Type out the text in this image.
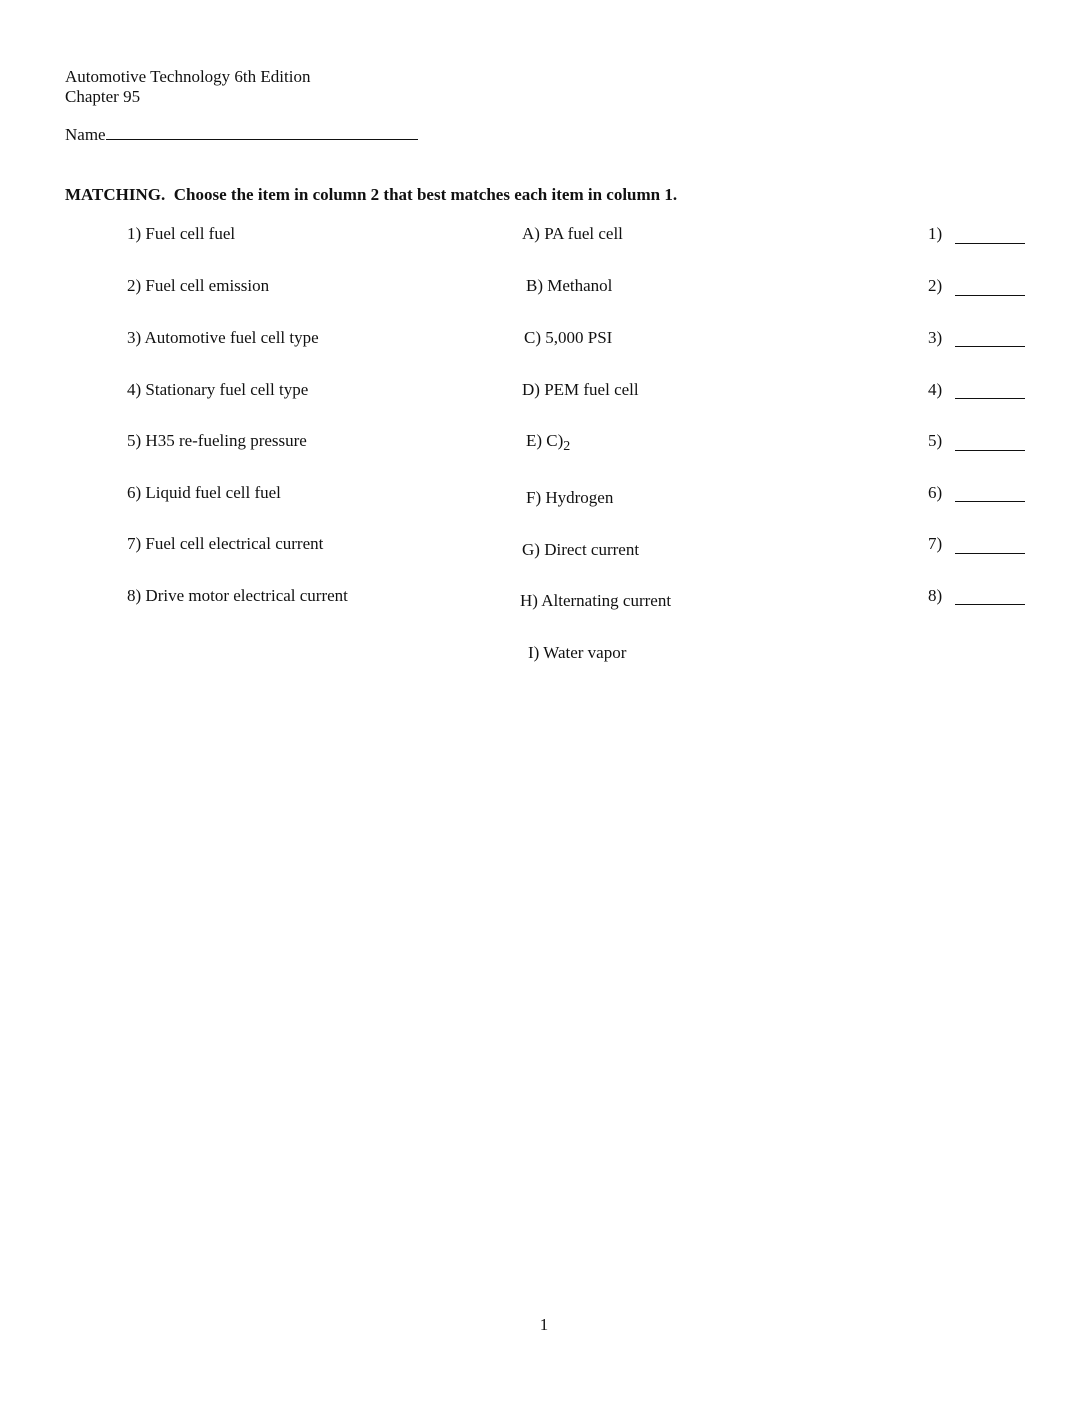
Automotive Technology 6th Edition
Chapter 95
Name
MATCHING. Choose the item in column 2 that best matches each item in column 1.
1) Fuel cell fuel
2) Fuel cell emission
3) Automotive fuel cell type
4) Stationary fuel cell type
5) H35 re-fueling pressure
6) Liquid fuel cell fuel
7) Fuel cell electrical current
8) Drive motor electrical current
A) PA fuel cell
B) Methanol
C) 5,000 PSI
D) PEM fuel cell
E) $C)_2$
F) Hydrogen
G) Direct current
H) Alternating current
I) Water vapor
1)
2)
3)
4)
5)
6)
7)
8)
1
